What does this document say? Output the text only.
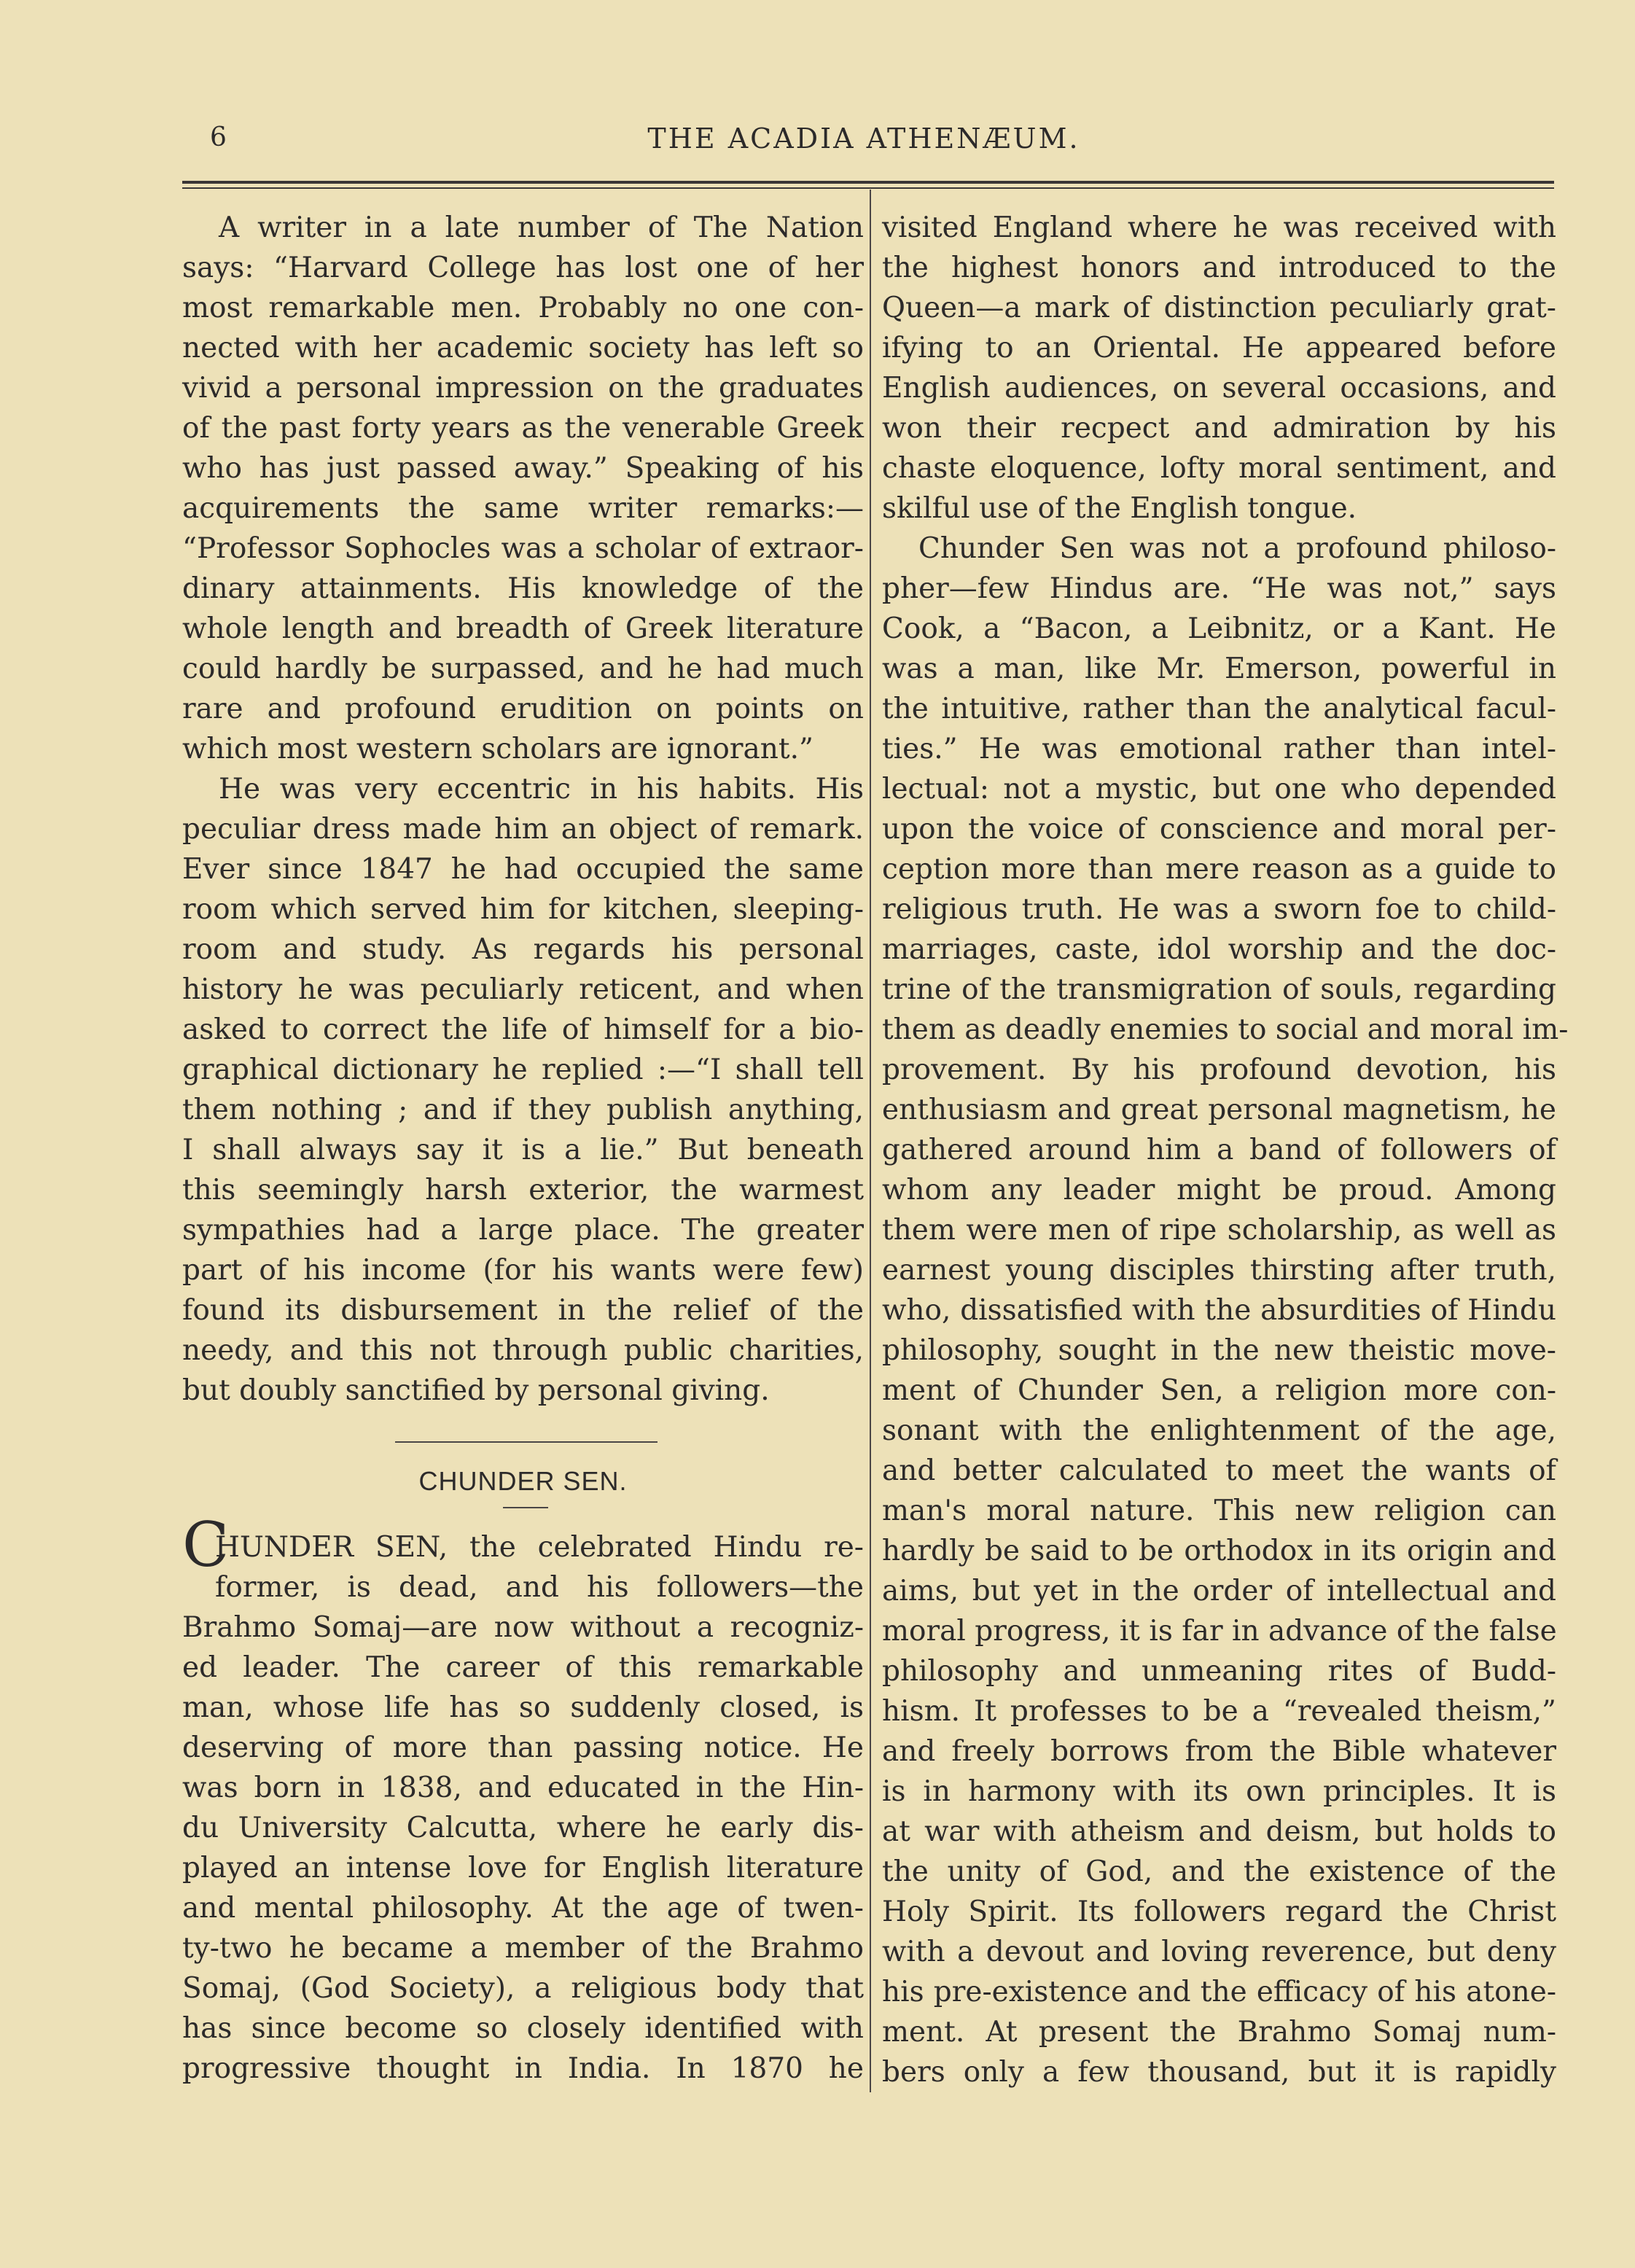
6	THE ACADIA ATHENÆUM.
A writer in a late number of The Nation
says: “Harvard College has lost one of her
most remarkable men. Probably no one con-
nected with her academic society has left so
vivid a personal impression on the graduates
of the past forty years as the venerable Greek
who has just passed away.” Speaking of his
acquirements the same writer remarks:—
“Professor Sophocles was a scholar of extraor-
dinary attainments. His knowledge of the
whole length and breadth of Greek literature
could hardly be surpassed, and he had much
rare and profound erudition on points on
which most western scholars are ignorant.”
He was very eccentric in his habits. His
peculiar dress made him an object of remark.
Ever since 1847 he had occupied the same
room which served him for kitchen, sleeping-
room and study. As regards his personal
history he was peculiarly reticent, and when
asked to correct the life of himself for a bio-
graphical dictionary he replied :—“I shall tell
them nothing ; and if they publish anything,
I shall always say it is a lie.” But beneath
this seemingly harsh exterior, the warmest
sympathies had a large place. The greater
part of his income (for his wants were few)
found its disbursement in the relief of the
needy, and this not through public charities,
but doubly sanctified by personal giving.
CHUNDER SEN.
C
HUNDER SEN, the celebrated Hindu re-
former, is dead, and his followers—the
Brahmo Somaj—are now without a recogniz-
ed leader. The career of this remarkable
man, whose life has so suddenly closed, is
deserving of more than passing notice. He
was born in 1838, and educated in the Hin-
du University Calcutta, where he early dis-
played an intense love for English literature
and mental philosophy. At the age of twen-
ty-two he became a member of the Brahmo
Somaj, (God Society), a religious body that
has since become so closely identified with
progressive thought in India. In 1870 he
visited England where he was received with
the highest honors and introduced to the
Queen—a mark of distinction peculiarly grat-
ifying to an Oriental. He appeared before
English audiences, on several occasions, and
won their recpect and admiration by his
chaste eloquence, lofty moral sentiment, and
skilful use of the English tongue.
Chunder Sen was not a profound philoso-
pher—few Hindus are. “He was not,” says
Cook, a “Bacon, a Leibnitz, or a Kant. He
was a man, like Mr. Emerson, powerful in
the intuitive, rather than the analytical facul-
ties.” He was emotional rather than intel-
lectual: not a mystic, but one who depended
upon the voice of conscience and moral per-
ception more than mere reason as a guide to
religious truth. He was a sworn foe to child-
marriages, caste, idol worship and the doc-
trine of the transmigration of souls, regarding
them as deadly enemies to social and moral im-
provement. By his profound devotion, his
enthusiasm and great personal magnetism, he
gathered around him a band of followers of
whom any leader might be proud. Among
them were men of ripe scholarship, as well as
earnest young disciples thirsting after truth,
who, dissatisfied with the absurdities of Hindu
philosophy, sought in the new theistic move-
ment of Chunder Sen, a religion more con-
sonant with the enlightenment of the age,
and better calculated to meet the wants of
man's moral nature. This new religion can
hardly be said to be orthodox in its origin and
aims, but yet in the order of intellectual and
moral progress, it is far in advance of the false
philosophy and unmeaning rites of Budd-
hism. It professes to be a “revealed theism,”
and freely borrows from the Bible whatever
is in harmony with its own principles. It is
at war with atheism and deism, but holds to
the unity of God, and the existence of the
Holy Spirit. Its followers regard the Christ
with a devout and loving reverence, but deny
his pre-existence and the efficacy of his atone-
ment. At present the Brahmo Somaj num-
bers only a few thousand, but it is rapidly
